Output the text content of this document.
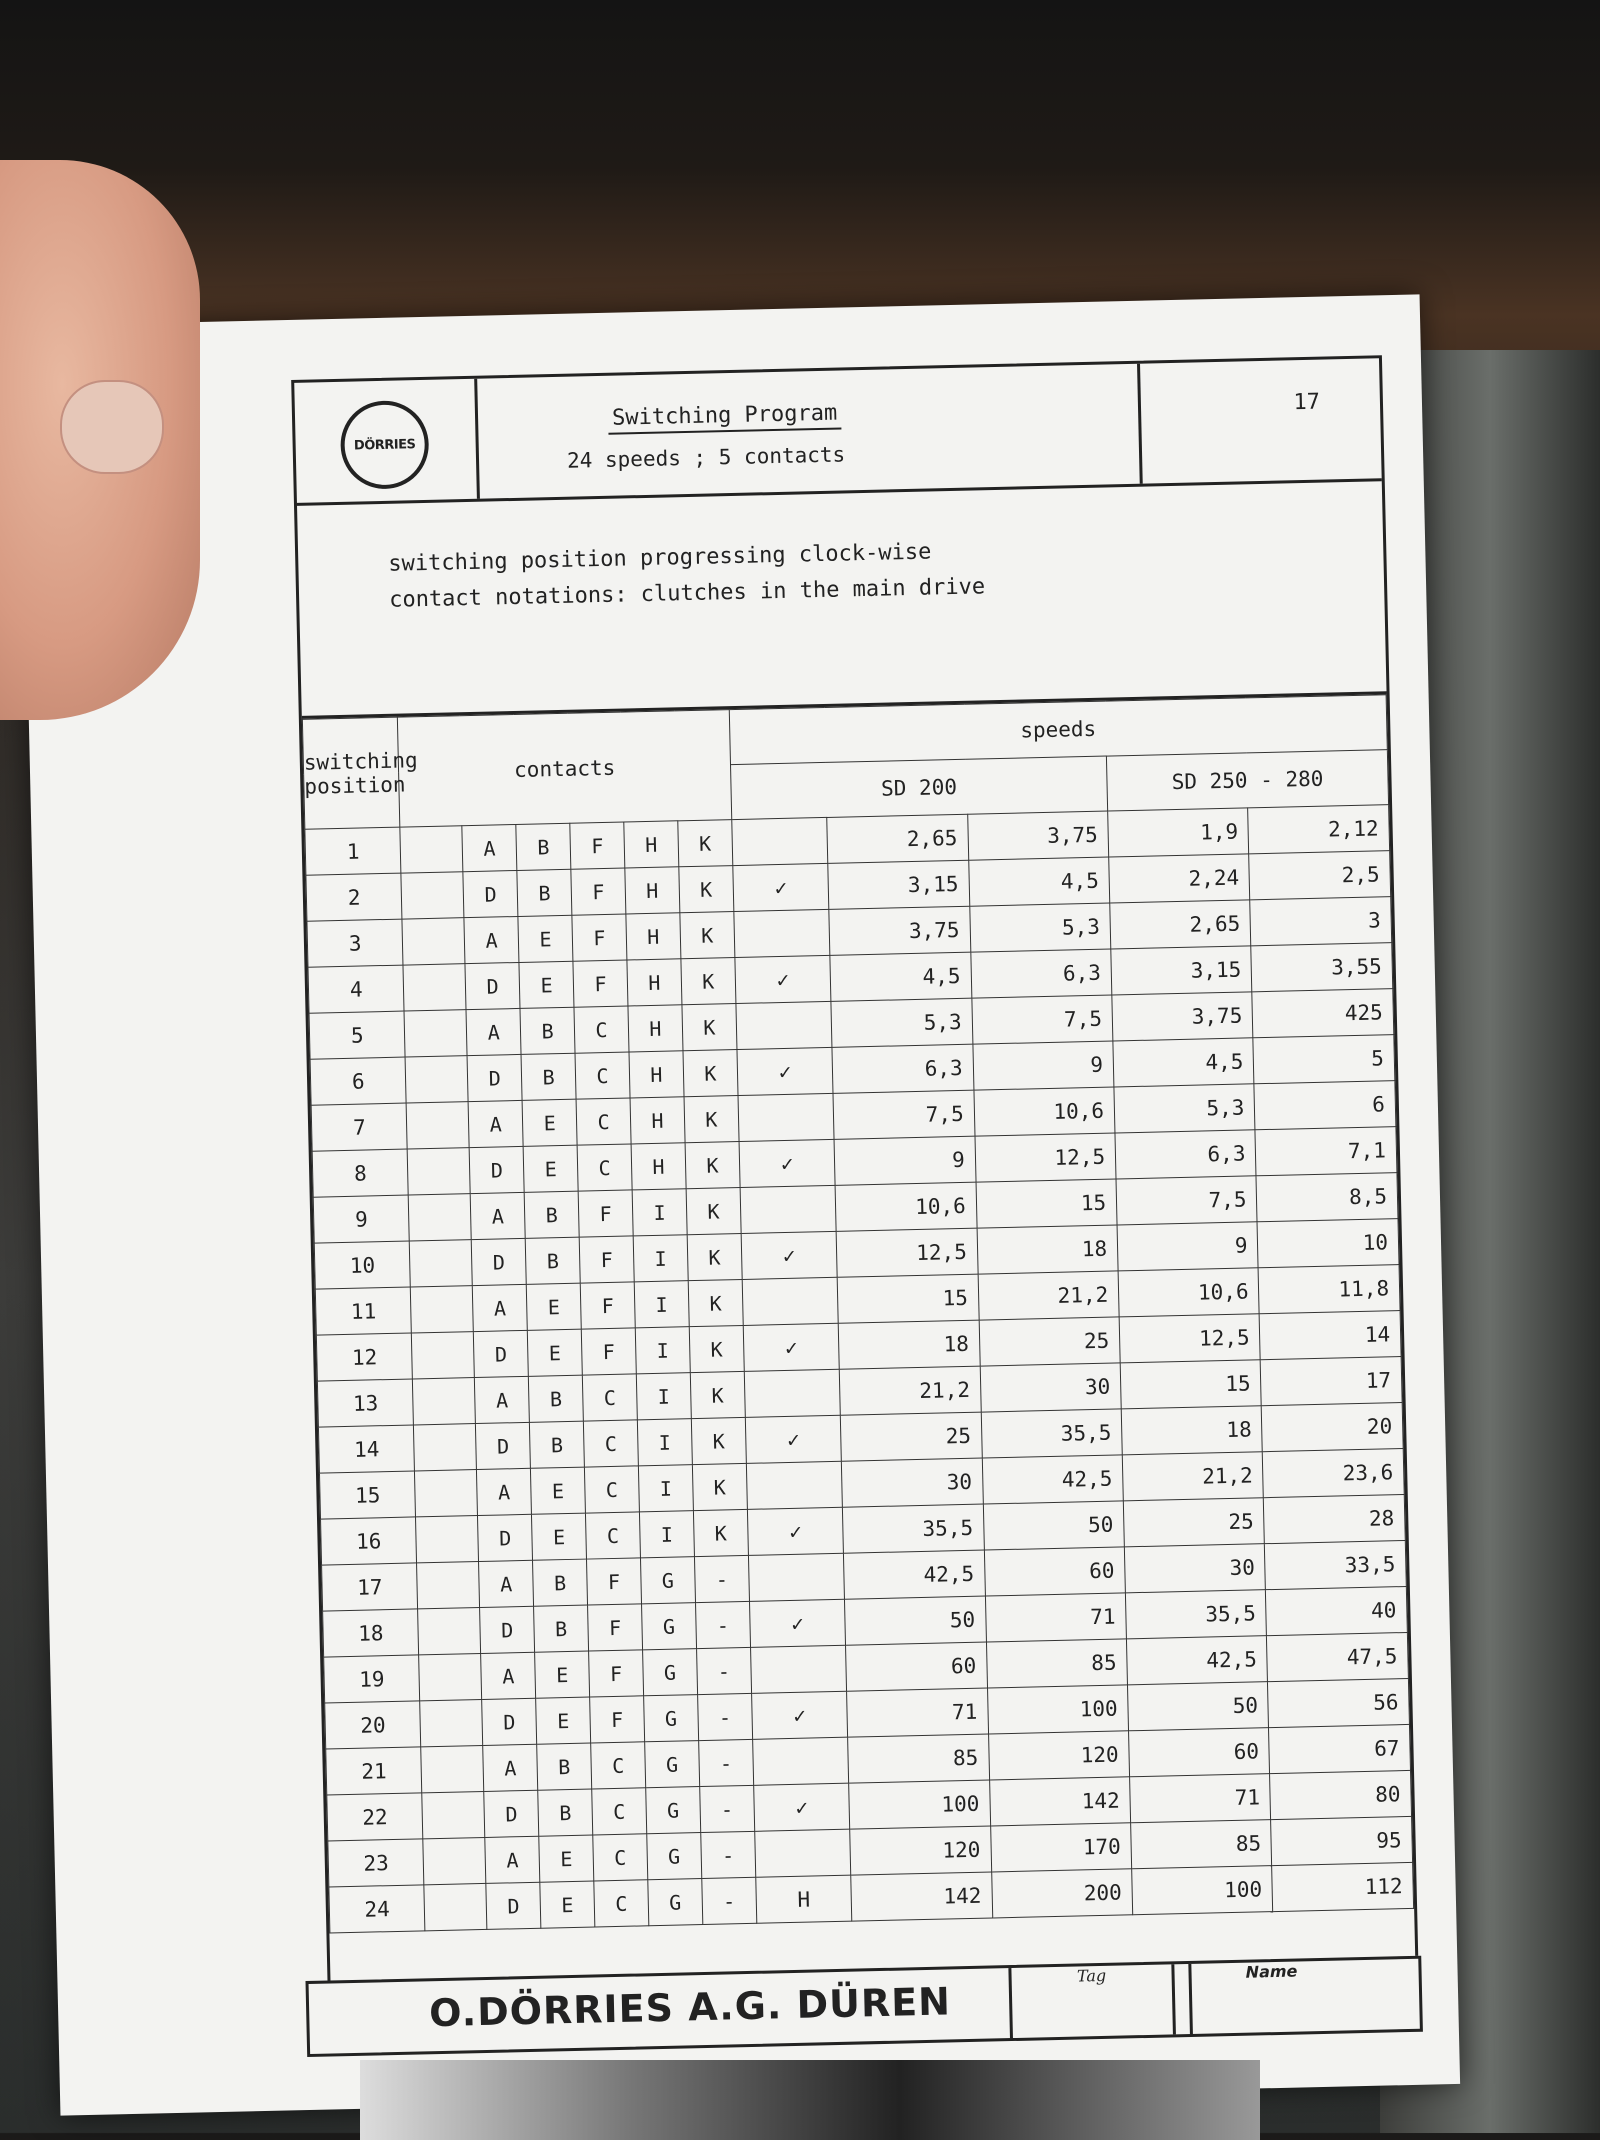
DÖRRIES
Switching Program
24 speeds ; 5 contacts
17
switching position progressing clock-wise
contact notations: clutches in the main drive
switching position	contacts						speeds				
							SD 200			SD 250 - 280	
1		A	B	F	H	K		2,65	3,75	1,9	2,12
2		D	B	F	H	K	✓	3,15	4,5	2,24	2,5
3		A	E	F	H	K		3,75	5,3	2,65	3
4		D	E	F	H	K	✓	4,5	6,3	3,15	3,55
5		A	B	C	H	K		5,3	7,5	3,75	425
6		D	B	C	H	K	✓	6,3	9	4,5	5
7		A	E	C	H	K		7,5	10,6	5,3	6
8		D	E	C	H	K	✓	9	12,5	6,3	7,1
9		A	B	F	I	K		10,6	15	7,5	8,5
10		D	B	F	I	K	✓	12,5	18	9	10
11		A	E	F	I	K		15	21,2	10,6	11,8
12		D	E	F	I	K	✓	18	25	12,5	14
13		A	B	C	I	K		21,2	30	15	17
14		D	B	C	I	K	✓	25	35,5	18	20
15		A	E	C	I	K		30	42,5	21,2	23,6
16		D	E	C	I	K	✓	35,5	50	25	28
17		A	B	F	G	-		42,5	60	30	33,5
18		D	B	F	G	-	✓	50	71	35,5	40
19		A	E	F	G	-		60	85	42,5	47,5
20		D	E	F	G	-	✓	71	100	50	56
21		A	B	C	G	-		85	120	60	67
22		D	B	C	G	-	✓	100	142	71	80
23		A	E	C	G	-		120	170	85	95
24		D	E	C	G	-	H	142	200	100	112
O.DÖRRIES A.G. DÜREN
Tag	Name
